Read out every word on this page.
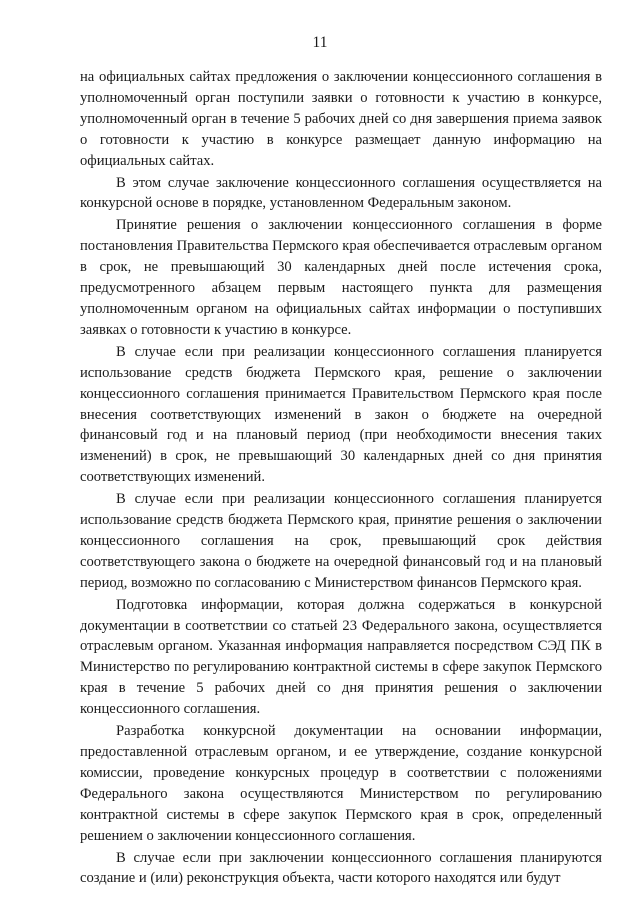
11

на официальных сайтах предложения о заключении концессионного соглашения в уполномоченный орган поступили заявки о готовности к участию в конкурсе, уполномоченный орган в течение 5 рабочих дней со дня завершения приема заявок о готовности к участию в конкурсе размещает данную информацию на официальных сайтах.

В этом случае заключение концессионного соглашения осуществляется на конкурсной основе в порядке, установленном Федеральным законом.

Принятие решения о заключении концессионного соглашения в форме постановления Правительства Пермского края обеспечивается отраслевым органом в срок, не превышающий 30 календарных дней после истечения срока, предусмотренного абзацем первым настоящего пункта для размещения уполномоченным органом на официальных сайтах информации о поступивших заявках о готовности к участию в конкурсе.

В случае если при реализации концессионного соглашения планируется использование средств бюджета Пермского края, решение о заключении концессионного соглашения принимается Правительством Пермского края после внесения соответствующих изменений в закон о бюджете на очередной финансовый год и на плановый период (при необходимости внесения таких изменений) в срок, не превышающий 30 календарных дней со дня принятия соответствующих изменений.

В случае если при реализации концессионного соглашения планируется использование средств бюджета Пермского края, принятие решения о заключении концессионного соглашения на срок, превышающий срок действия соответствующего закона о бюджете на очередной финансовый год и на плановый период, возможно по согласованию с Министерством финансов Пермского края.

Подготовка информации, которая должна содержаться в конкурсной документации в соответствии со статьей 23 Федерального закона, осуществляется отраслевым органом. Указанная информация направляется посредством СЭД ПК в Министерство по регулированию контрактной системы в сфере закупок Пермского края в течение 5 рабочих дней со дня принятия решения о заключении концессионного соглашения.

Разработка конкурсной документации на основании информации, предоставленной отраслевым органом, и ее утверждение, создание конкурсной комиссии, проведение конкурсных процедур в соответствии с положениями Федерального закона осуществляются Министерством по регулированию контрактной системы в сфере закупок Пермского края в срок, определенный решением о заключении концессионного соглашения.

В случае если при заключении концессионного соглашения планируются создание и (или) реконструкция объекта, части которого находятся или будут
